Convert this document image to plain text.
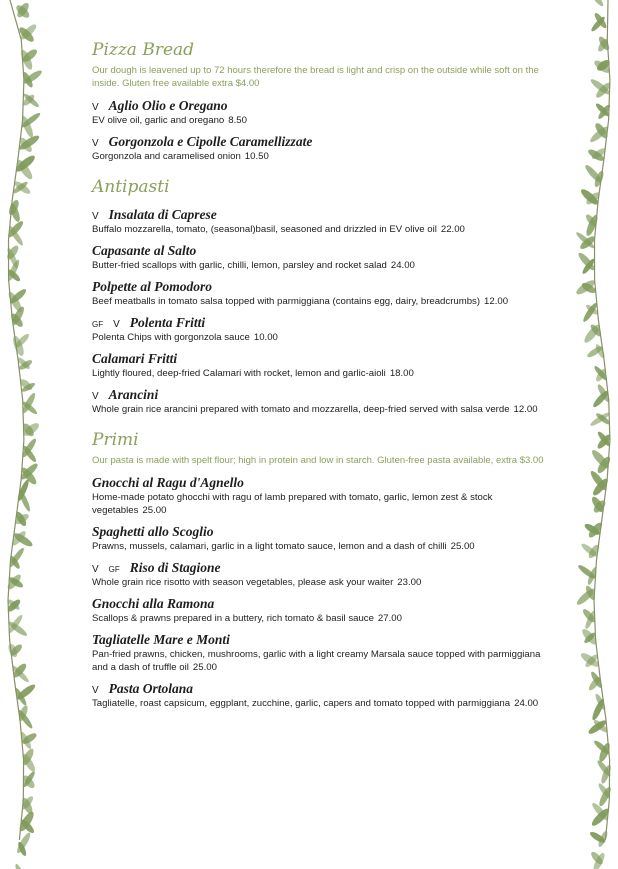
Pizza Bread
Our dough is leavened up to 72 hours therefore the bread is light and crisp on the outside while soft on the inside. Gluten free available extra $4.00
V Aglio Olio e Oregano
EV olive oil, garlic and oregano 8.50
V Gorgonzola e Cipolle Caramellizzate
Gorgonzola and caramelised onion 10.50
Antipasti
V Insalata di Caprese
Buffalo mozzarella, tomato, (seasonal)basil, seasoned and drizzled in EV olive oil 22.00
Capasante al Salto
Butter-fried scallops with garlic, chilli, lemon, parsley and rocket salad 24.00
Polpette al Pomodoro
Beef meatballs in tomato salsa topped with parmiggiana (contains egg, dairy, breadcrumbs) 12.00
GF V Polenta Fritti
Polenta Chips with gorgonzola sauce 10.00
Calamari Fritti
Lightly floured, deep-fried Calamari with rocket, lemon and garlic-aioli 18.00
V Arancini
Whole grain rice arancini prepared with tomato and mozzarella, deep-fried served with salsa verde 12.00
Primi
Our pasta is made with spelt flour; high in protein and low in starch. Gluten-free pasta available, extra $3.00
Gnocchi al Ragu d'Agnello
Home-made potato ghocchi with ragu of lamb prepared with tomato, garlic, lemon zest & stock vegetables 25.00
Spaghetti allo Scoglio
Prawns, mussels, calamari, garlic in a light tomato sauce, lemon and a dash of chilli 25.00
V GF Riso di Stagione
Whole grain rice risotto with season vegetables, please ask your waiter 23.00
Gnocchi alla Ramona
Scallops & prawns prepared in a buttery, rich tomato & basil sauce 27.00
Tagliatelle Mare e Monti
Pan-fried prawns, chicken, mushrooms, garlic with a light creamy Marsala sauce topped with parmiggiana and a dash of truffle oil 25.00
V Pasta Ortolana
Tagliatelle, roast capsicum, eggplant, zucchine, garlic, capers and tomato topped with parmiggiana 24.00
